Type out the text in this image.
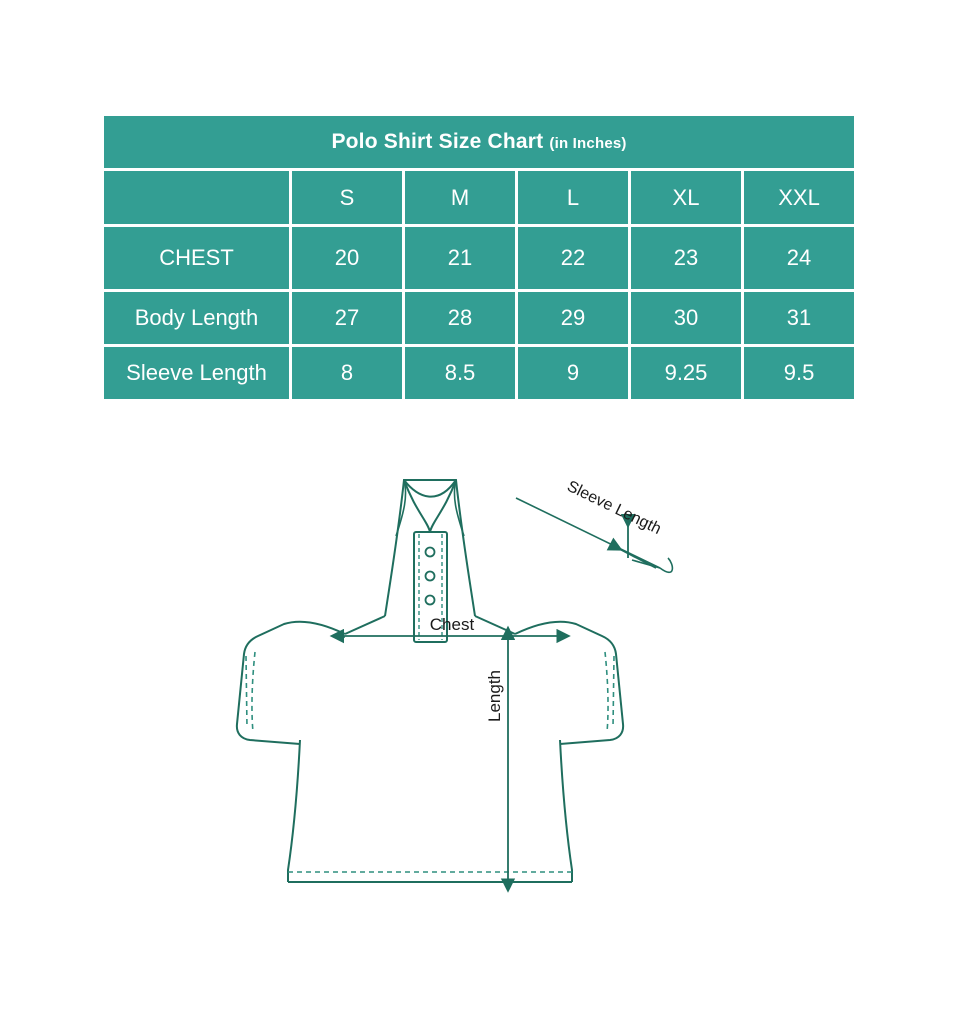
Polo Shirt Size Chart (in Inches)					
	S	M	L	XL	XXL
CHEST	20	21	22	23	24
Body Length	27	28	29	30	31
Sleeve Length	8	8.5	9	9.25	9.5
Chest
Length
Sleeve Length
